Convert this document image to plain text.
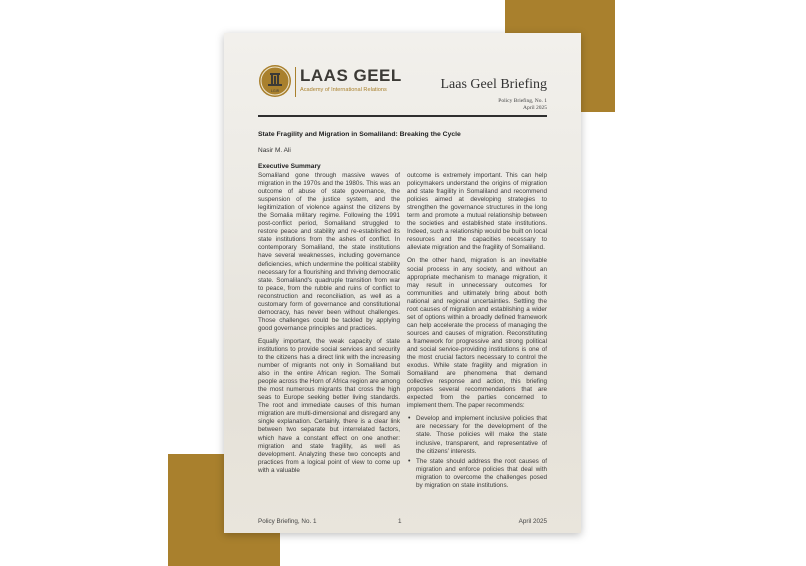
LGIR
LAAS GEEL
Academy of International Relations	Laas Geel Briefing
Policy Briefing, No. 1
April 2025
State Fragility and Migration in Somaliland: Breaking the Cycle
Nasir M. Ali
Executive Summary

Somaliland gone through massive waves of migration in the 1970s and the 1980s. This was an outcome of abuse of state governance, the suspension of the justice system, and the legitimization of violence against the citizens by the Somalia military regime. Following the 1991 post-conflict period, Somaliland struggled to restore peace and stability and re-established its state institutions from the ashes of conflict. In contemporary Somaliland, the state institutions have several weaknesses, including governance deficiencies, which undermine the political stability necessary for a flourishing and thriving democratic state. Somaliland's quadruple transition from war to peace, from the rubble and ruins of conflict to reconstruction and reconciliation, as well as a customary form of governance and constitutional democracy, has never been without challenges. Those challenges could be tackled by applying good governance principles and practices.

Equally important, the weak capacity of state institutions to provide social services and security to the citizens has a direct link with the increasing number of migrants not only in Somaliland but also in the entire African region. The Somali people across the Horn of Africa region are among the most numerous migrants that cross the high seas to Europe seeking better living standards. The root and immediate causes of this human migration are multi-dimensional and disregard any single explanation. Certainly, there is a clear link between two separate but interrelated factors, which have a constant effect on one another: migration and state fragility, as well as development. Analyzing these two concepts and practices from a logical point of view to come up with a valuable

outcome is extremely important. This can help policymakers understand the origins of migration and state fragility in Somaliland and recommend policies aimed at developing strategies to strengthen the governance structures in the long term and promote a mutual relationship between the societies and established state institutions. Indeed, such a relationship would be built on local resources and the capacities necessary to alleviate migration and the fragility of Somaliland.

On the other hand, migration is an inevitable social process in any society, and without an appropriate mechanism to manage migration, it may result in unnecessary outcomes for communities and ultimately bring about both national and regional uncertainties. Settling the root causes of migration and establishing a wider set of options within a broadly defined framework can help accelerate the process of managing the sources and causes of migration. Reconstituting a framework for progressive and strong political and social service-providing institutions is one of the most crucial factors necessary to control the exodus. While state fragility and migration in Somaliland are phenomena that demand collective response and action, this briefing proposes several recommendations that are expected from the parties concerned to implement them. The paper recommends:

• Develop and implement inclusive policies that are necessary for the development of the state. Those policies will make the state inclusive, transparent, and representative of the citizens' interests.
• The state should address the root causes of migration and enforce policies that deal with migration to overcome the challenges posed by migration on state institutions.
Policy Briefing, No. 1	1	April 2025
